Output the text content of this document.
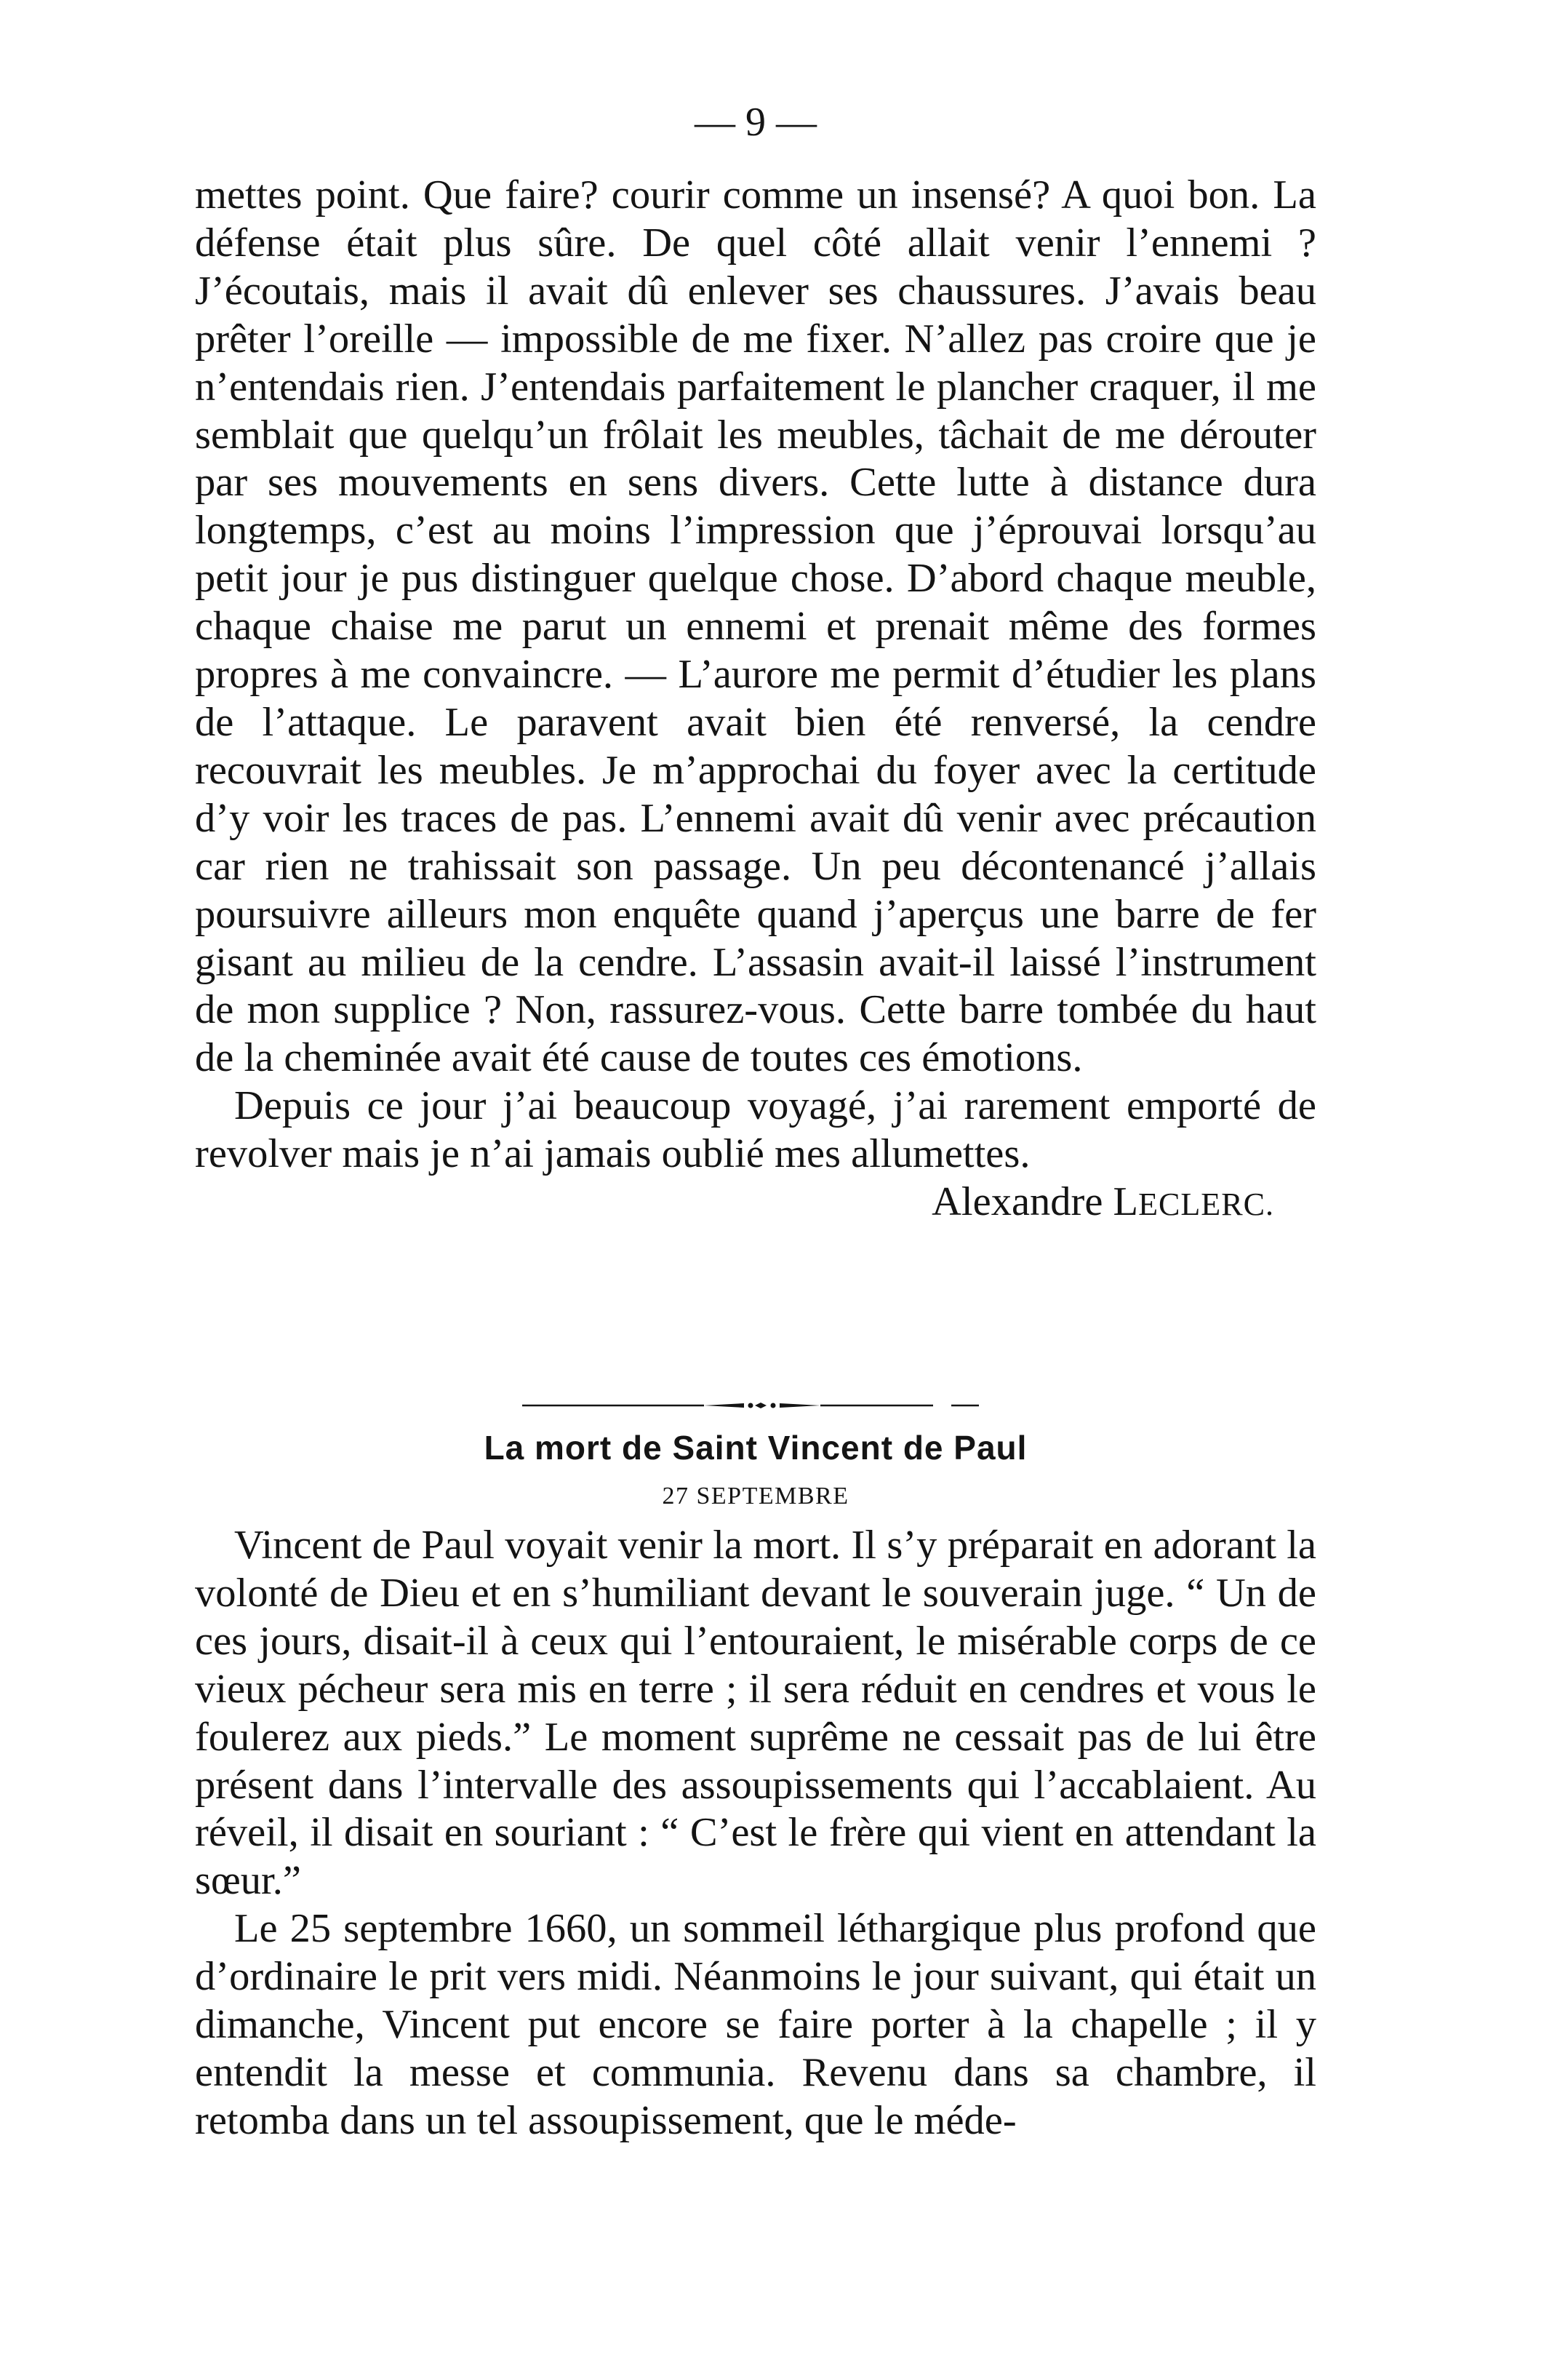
— 9 —

mettes point. Que faire? courir comme un insensé? A quoi bon. La défense était plus sûre. De quel côté allait venir l’ennemi ? J’écoutais, mais il avait dû enlever ses chaussures. J’avais beau prêter l’oreille — impossible de me fixer. N’allez pas croire que je n’entendais rien. J’entendais parfaitement le plancher craquer, il me semblait que quelqu’un frôlait les meubles, tâchait de me dérouter par ses mouvements en sens divers. Cette lutte à distance dura longtemps, c’est au moins l’impression que j’éprouvai lorsqu’au petit jour je pus distinguer quelque chose. D’abord chaque meuble, chaque chaise me parut un ennemi et prenait même des formes propres à me convaincre. — L’aurore me permit d’étudier les plans de l’attaque. Le paravent avait bien été renversé, la cendre recouvrait les meubles. Je m’approchai du foyer avec la certitude d’y voir les traces de pas. L’ennemi avait dû venir avec précaution car rien ne trahissait son passage. Un peu décontenancé j’allais poursuivre ailleurs mon enquête quand j’aperçus une barre de fer gisant au milieu de la cendre. L’assasin avait-il laissé l’instrument de mon supplice ? Non, rassurez-vous. Cette barre tombée du haut de la cheminée avait été cause de toutes ces émotions.

Depuis ce jour j’ai beaucoup voyagé, j’ai rarement emporté de revolver mais je n’ai jamais oublié mes allumettes.

Alexandre LECLERC.

La mort de Saint Vincent de Paul
27 SEPTEMBRE

Vincent de Paul voyait venir la mort. Il s’y préparait en adorant la volonté de Dieu et en s’humiliant devant le souverain juge. “ Un de ces jours, disait-il à ceux qui l’entouraient, le misérable corps de ce vieux pécheur sera mis en terre ; il sera réduit en cendres et vous le foulerez aux pieds.” Le moment suprême ne cessait pas de lui être présent dans l’intervalle des assoupissements qui l’accablaient. Au réveil, il disait en souriant : “ C’est le frère qui vient en attendant la sœur.”

Le 25 septembre 1660, un sommeil léthargique plus profond que d’ordinaire le prit vers midi. Néanmoins le jour suivant, qui était un dimanche, Vincent put encore se faire porter à la chapelle ; il y entendit la messe et communia. Revenu dans sa chambre, il retomba dans un tel assoupissement, que le méde-
